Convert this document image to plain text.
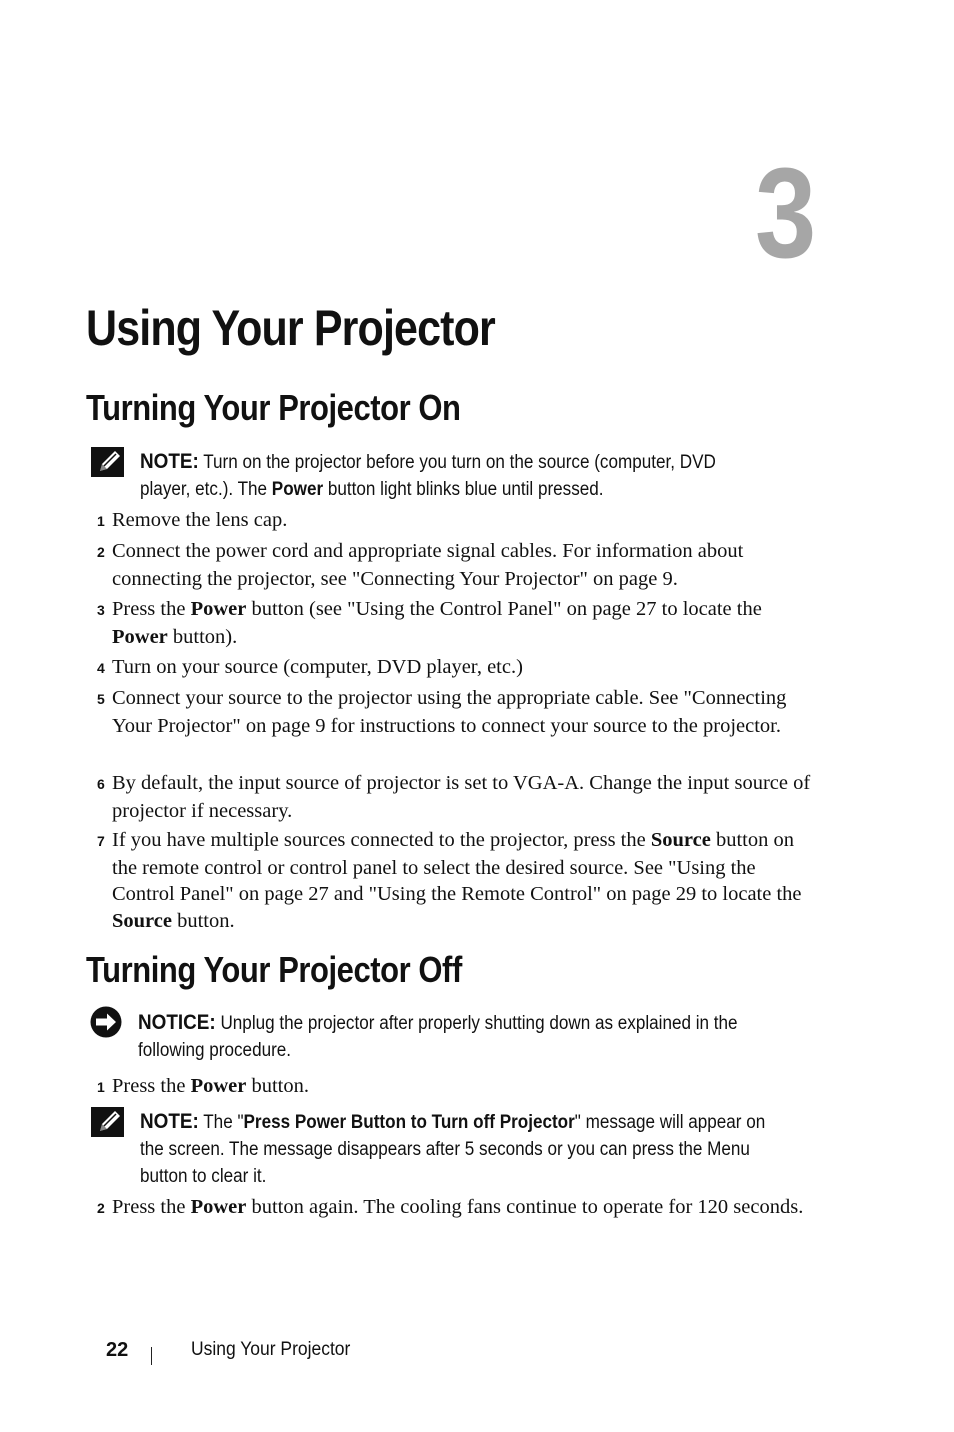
3
Using Your Projector
Turning Your Projector On
NOTE: Turn on the projector before you turn on the source (computer, DVD player, etc.). The Power button light blinks blue until pressed.
1 Remove the lens cap.
2 Connect the power cord and appropriate signal cables. For information about connecting the projector, see "Connecting Your Projector" on page 9.
3 Press the Power button (see "Using the Control Panel" on page 27 to locate the Power button).
4 Turn on your source (computer, DVD player, etc.)
5 Connect your source to the projector using the appropriate cable. See "Connecting Your Projector" on page 9 for instructions to connect your source to the projector.
6 By default, the input source of projector is set to VGA-A. Change the input source of projector if necessary.
7 If you have multiple sources connected to the projector, press the Source button on the remote control or control panel to select the desired source. See "Using the Control Panel" on page 27 and "Using the Remote Control" on page 29 to locate the Source button.
Turning Your Projector Off
NOTICE: Unplug the projector after properly shutting down as explained in the following procedure.
1 Press the Power button.
NOTE: The "Press Power Button to Turn off Projector" message will appear on the screen. The message disappears after 5 seconds or you can press the Menu button to clear it.
2 Press the Power button again. The cooling fans continue to operate for 120 seconds.
22	Using Your Projector
